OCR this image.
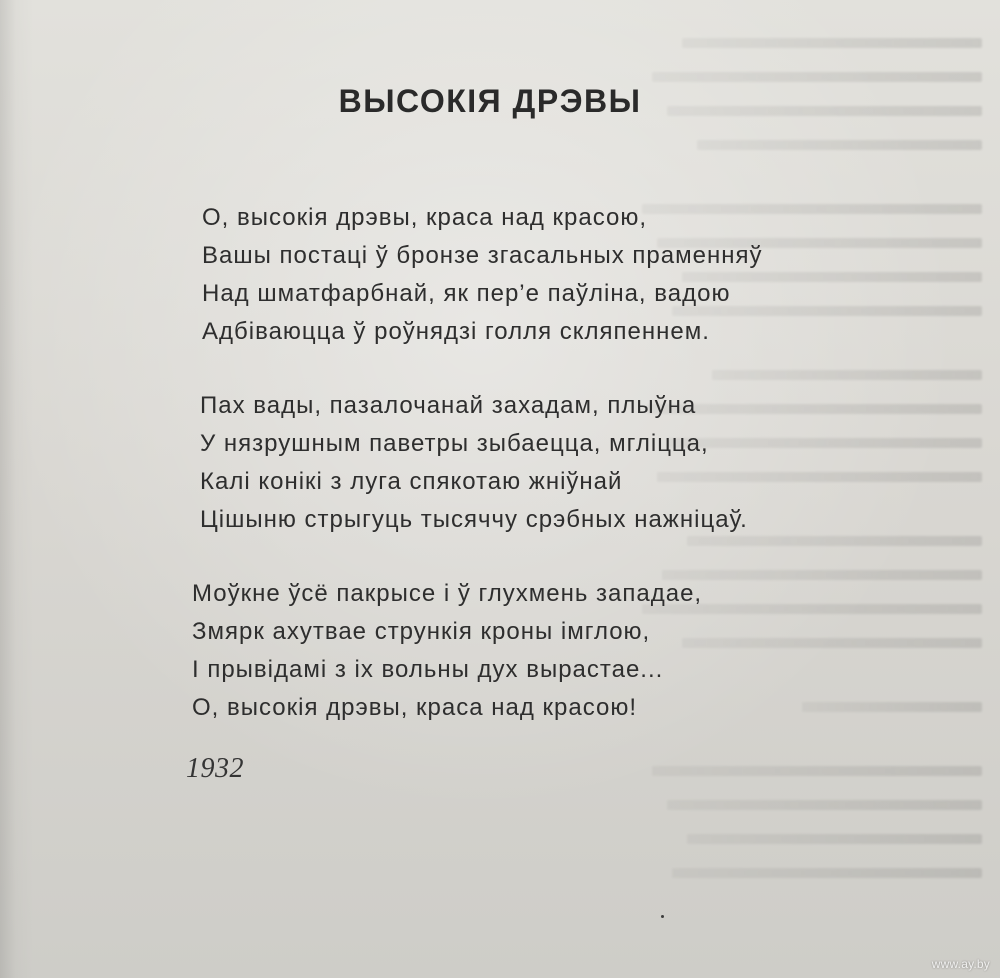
ВЫСОКІЯ ДРЭВЫ
О, высокія дрэвы, краса над красою,
Вашы постаці ў бронзе згасальных праменняў
Над шматфарбнай, як пер’е паўліна, вадою
Адбіваюцца ў роўнядзі голля скляпеннем.
Пах вады, пазалочанай захадам, плыўна
У нязрушным паветры зыбаецца, мгліцца,
Калі конікі з луга спякотаю жніўнай
Цішыню стрыгуць тысяччу срэбных нажніцаў.
Моўкне ўсё пакрысе і ў глухмень западае,
Змярк ахутвае стрункія кроны імглою,
І прывідамі з іх вольны дух вырастае...
О, высокія дрэвы, краса над красою!
1932
www.ay.by
